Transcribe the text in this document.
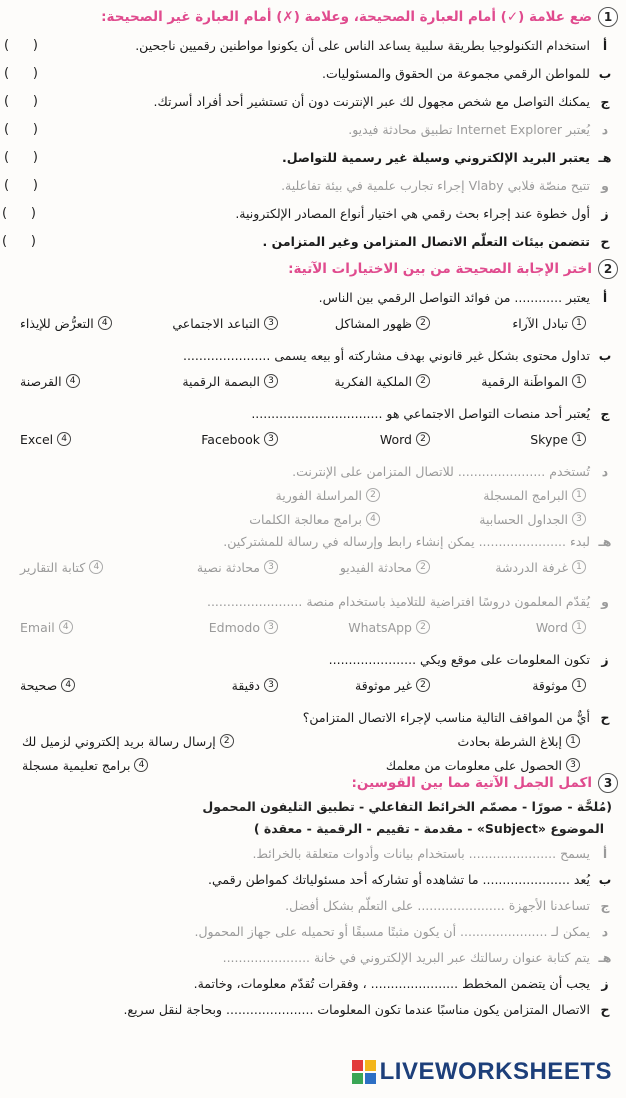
1
ضع علامة (✓) أمام العبارة الصحيحة، وعلامة (✗) أمام العبارة غير الصحيحة:
أ
استخدام التكنولوجيا بطريقة سلبية يساعد الناس على أن يكونوا مواطنين رقميين ناجحين.
( )
ب
للمواطن الرقمي مجموعة من الحقوق والمسئوليات.
( )
ج
يمكنك التواصل مع شخص مجهول لك عبر الإنترنت دون أن تستشير أحد أفراد أسرتك.
( )
د
يُعتبر Internet Explorer تطبيق محادثة فيديو.
( )
هـ
يعتبر البريد الإلكتروني وسيلة غير رسمية للتواصل.
( )
و
تتيح منصّة فلابي Vlaby إجراء تجارب علمية في بيئة تفاعلية.
( )
ز
أول خطوة عند إجراء بحث رقمي هي اختيار أنواع المصادر الإلكترونية.
( )
ح
تتضمن بيئات التعلّم الاتصال المتزامن وغير المتزامن .
( )
2
اختر الإجابة الصحيحة من بين الاختيارات الآتية:
أ
يعتبر ............ من فوائد التواصل الرقمي بين الناس.
1
تبادل الآراء
2
ظهور المشاكل
3
التباعد الاجتماعي
4
التعرُّض للإيذاء
ب
تداول محتوى بشكل غير قانوني بهدف مشاركته أو بيعه يسمى ......................
1
المواطَنة الرقمية
2
الملكية الفكرية
3
البصمة الرقمية
4
القرصنة
ج
يُعتبر أحد منصات التواصل الاجتماعي هو .................................
1
Skype
2
Word
3
Facebook
4
Excel
د
تُستخدم ...................... للاتصال المتزامن على الإنترنت.
1
البرامج المسجلة
2
المراسلة الفورية
3
الجداول الحسابية
4
برامج معالجة الكلمات
هـ
لبدء ...................... يمكن إنشاء رابط وإرساله في رسالة للمشتركين.
1
غرفة الدردشة
2
محادثة الفيديو
3
محادثة نصية
4
كتابة التقارير
و
يُقدّم المعلمون دروسًا افتراضية للتلاميذ باستخدام منصة ........................
1
Word
2
WhatsApp
3
Edmodo
4
Email
ز
تكون المعلومات على موقع ويكي ......................
1
موثوقة
2
غير موثوقة
3
دقيقة
4
صحيحة
ح
أيٌّ من المواقف التالية مناسب لإجراء الاتصال المتزامن؟
1
إبلاغ الشرطة بحادث
2
إرسال رسالة بريد إلكتروني لزميل لك
3
الحصول على معلومات من معلمك
4
برامج تعليمية مسجلة
3
اكمل الجمل الآتية مما بين القوسين:
(مُلحَّة - صورًا - مصمّم الخرائط التفاعلي - تطبيق التليفون المحمول
الموضوع «Subject» - مقدمة - تقييم - الرقمية - معقدة )
أ
يسمح ...................... باستخدام بيانات وأدوات متعلقة بالخرائط.
ب
يُعد ...................... ما تشاهده أو تشاركه أحد مسئولياتك كمواطن رقمي.
ج
تساعدنا الأجهزة ...................... على التعلّم بشكل أفضل.
د
يمكن لـ ...................... أن يكون مثبتًا مسبقًا أو تحميله على جهاز المحمول.
هـ
يتم كتابة عنوان رسالتك عبر البريد الإلكتروني في خانة ......................
ز
يجب أن يتضمن المخطط ...................... ، وفقرات تُقدّم معلومات، وخاتمة.
ح
الاتصال المتزامن يكون مناسبًا عندما تكون المعلومات ...................... وبحاجة لنقل سريع.
LIVEWORKSHEETS
